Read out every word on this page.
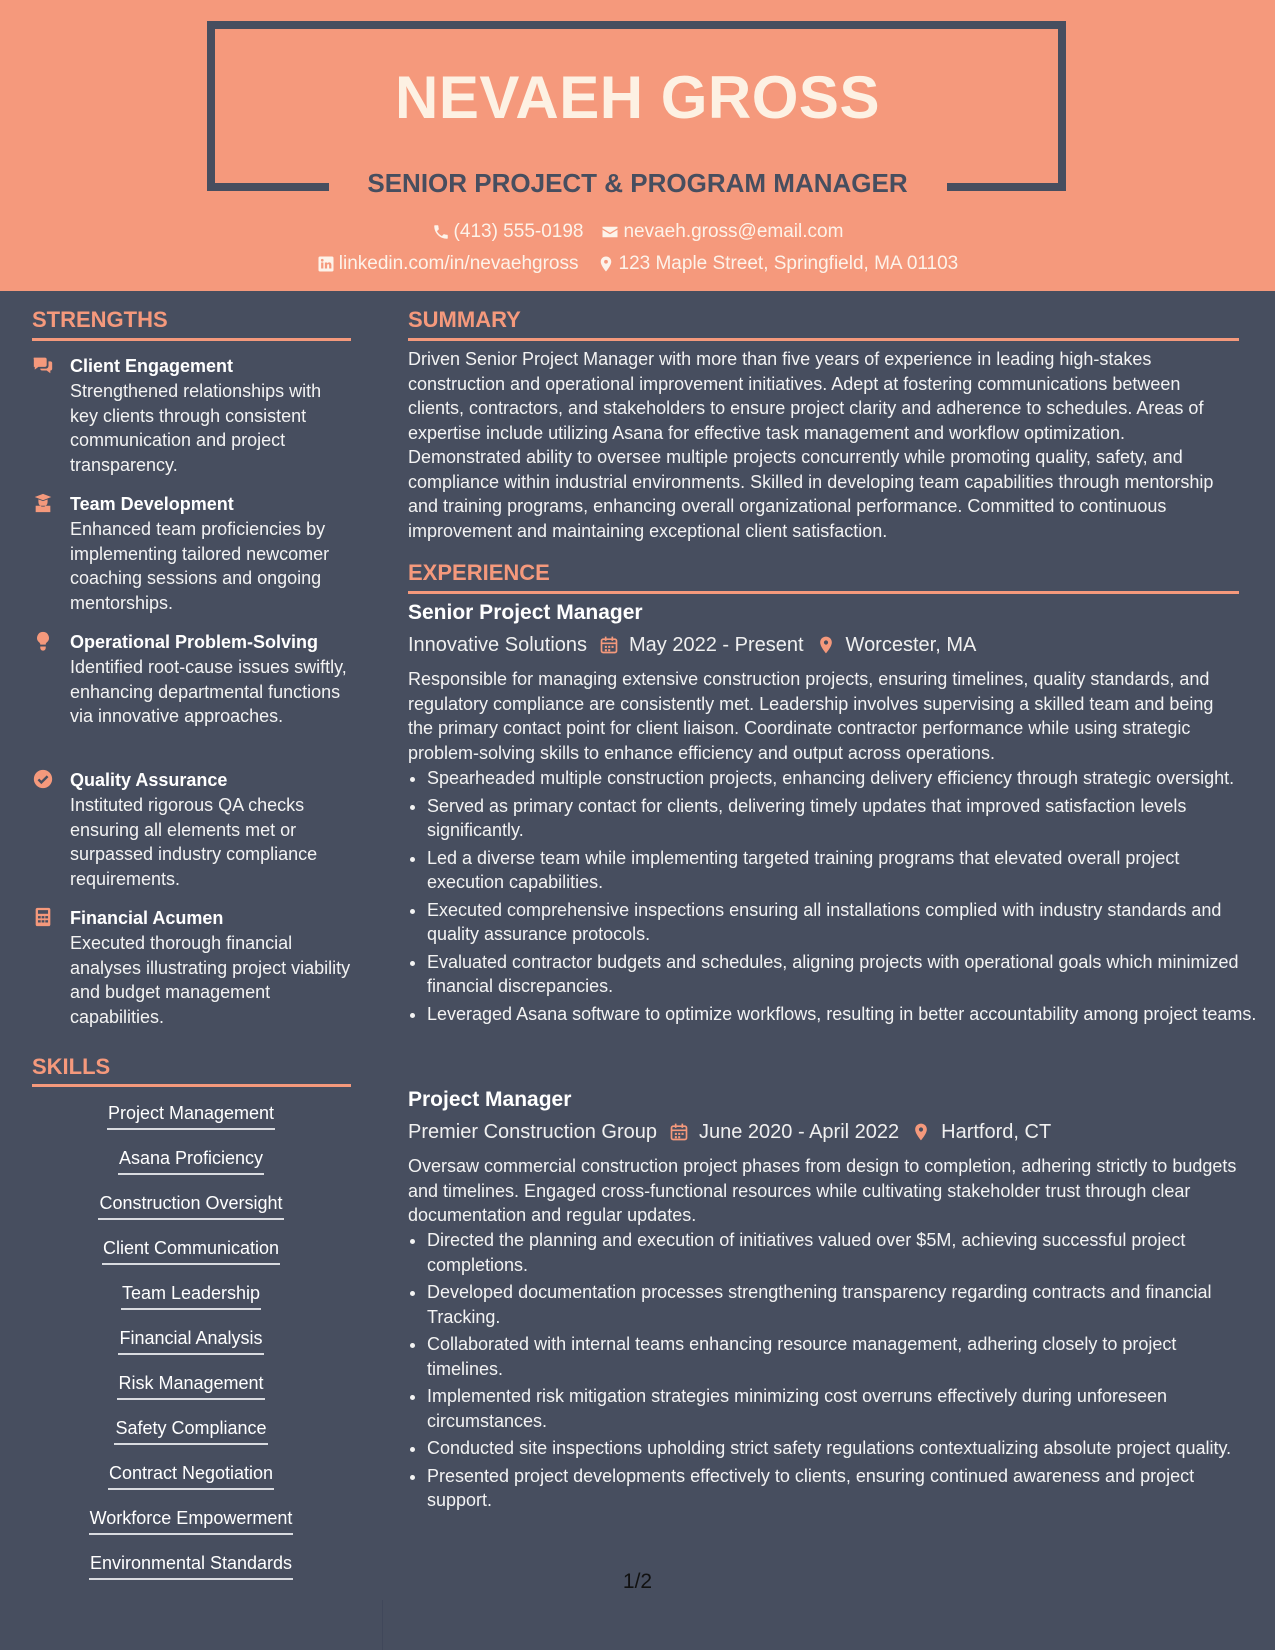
NEVAEH GROSS
SENIOR PROJECT & PROGRAM MANAGER
(413) 555-0198 nevaeh.gross@email.com
linkedin.com/in/nevaehgross 123 Maple Street, Springfield, MA 01103
STRENGTHS
Client Engagement
Strengthened relationships with key clients through consistent communication and project transparency.
Team Development
Enhanced team proficiencies by implementing tailored newcomer coaching sessions and ongoing mentorships.
Operational Problem-Solving
Identified root-cause issues swiftly, enhancing departmental functions via innovative approaches.
Quality Assurance
Instituted rigorous QA checks ensuring all elements met or surpassed industry compliance requirements.
Financial Acumen
Executed thorough financial analyses illustrating project viability and budget management capabilities.
SKILLS
Project Management
Asana Proficiency
Construction Oversight
Client Communication
Team Leadership
Financial Analysis
Risk Management
Safety Compliance
Contract Negotiation
Workforce Empowerment
Environmental Standards
SUMMARY
Driven Senior Project Manager with more than five years of experience in leading high-stakes construction and operational improvement initiatives. Adept at fostering communications between clients, contractors, and stakeholders to ensure project clarity and adherence to schedules. Areas of expertise include utilizing Asana for effective task management and workflow optimization. Demonstrated ability to oversee multiple projects concurrently while promoting quality, safety, and compliance within industrial environments. Skilled in developing team capabilities through mentorship and training programs, enhancing overall organizational performance. Committed to continuous improvement and maintaining exceptional client satisfaction.
EXPERIENCE
Senior Project Manager
Innovative Solutions May 2022 - Present Worcester, MA
Responsible for managing extensive construction projects, ensuring timelines, quality standards, and regulatory compliance are consistently met. Leadership involves supervising a skilled team and being the primary contact point for client liaison. Coordinate contractor performance while using strategic problem-solving skills to enhance efficiency and output across operations.
• Spearheaded multiple construction projects, enhancing delivery efficiency through strategic oversight.
• Served as primary contact for clients, delivering timely updates that improved satisfaction levels significantly.
• Led a diverse team while implementing targeted training programs that elevated overall project execution capabilities.
• Executed comprehensive inspections ensuring all installations complied with industry standards and quality assurance protocols.
• Evaluated contractor budgets and schedules, aligning projects with operational goals which minimized financial discrepancies.
• Leveraged Asana software to optimize workflows, resulting in better accountability among project teams.
Project Manager
Premier Construction Group June 2020 - April 2022 Hartford, CT
Oversaw commercial construction project phases from design to completion, adhering strictly to budgets and timelines. Engaged cross-functional resources while cultivating stakeholder trust through clear documentation and regular updates.
• Directed the planning and execution of initiatives valued over $5M, achieving successful project completions.
• Developed documentation processes strengthening transparency regarding contracts and financial Tracking.
• Collaborated with internal teams enhancing resource management, adhering closely to project timelines.
• Implemented risk mitigation strategies minimizing cost overruns effectively during unforeseen circumstances.
• Conducted site inspections upholding strict safety regulations contextualizing absolute project quality.
• Presented project developments effectively to clients, ensuring continued awareness and project support.
1/2
